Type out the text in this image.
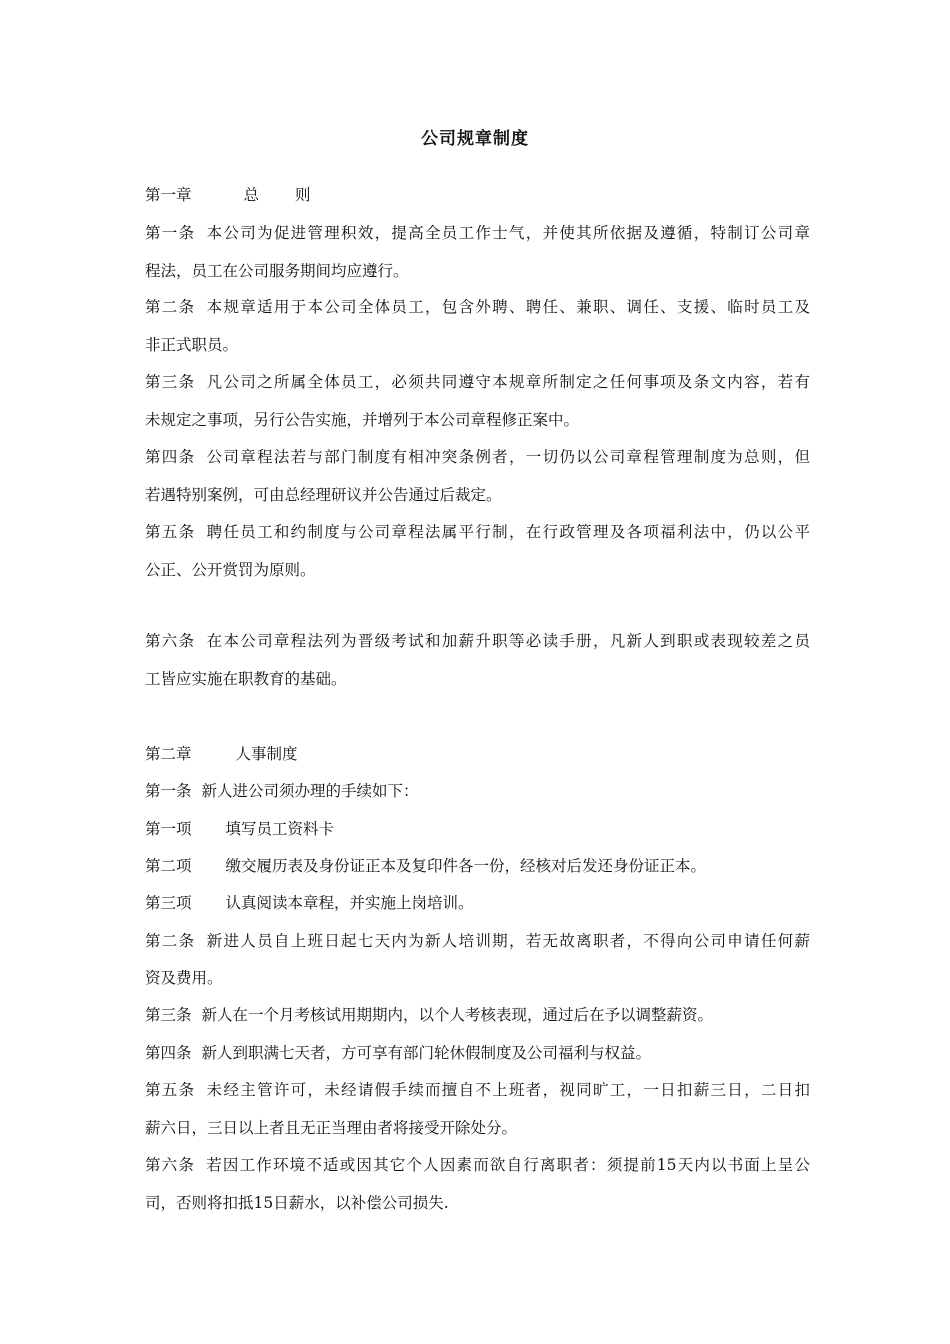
公司规章制度
第一章	总 则
第一条 本公司为促进管理积效，提高全员工作士气，并使其所依据及遵循，特制订公司章
程法，员工在公司服务期间均应遵行。
第二条 本规章适用于本公司全体员工，包含外聘、聘任、兼职、调任、支援、临时员工及
非正式职员。
第三条 凡公司之所属全体员工，必须共同遵守本规章所制定之任何事项及条文内容，若有
未规定之事项，另行公告实施，并增列于本公司章程修正案中。
第四条 公司章程法若与部门制度有相冲突条例者，一切仍以公司章程管理制度为总则，但
若遇特别案例，可由总经理研议并公告通过后裁定。
第五条 聘任员工和约制度与公司章程法属平行制，在行政管理及各项福利法中，仍以公平
公正、公开赏罚为原则。
第六条 在本公司章程法列为晋级考试和加薪升职等必读手册，凡新人到职或表现较差之员
工皆应实施在职教育的基础。
第二章	人事制度
第一条 新人进公司须办理的手续如下：
第一项 填写员工资料卡
第二项 缴交履历表及身份证正本及复印件各一份，经核对后发还身份证正本。
第三项 认真阅读本章程，并实施上岗培训。
第二条 新进人员自上班日起七天内为新人培训期，若无故离职者，不得向公司申请任何薪
资及费用。
第三条 新人在一个月考核试用期期内，以个人考核表现，通过后在予以调整薪资。
第四条 新人到职满七天者，方可享有部门轮休假制度及公司福利与权益。
第五条 未经主管许可，未经请假手续而擅自不上班者，视同旷工，一日扣薪三日，二日扣
薪六日，三日以上者且无正当理由者将接受开除处分。
第六条 若因工作环境不适或因其它个人因素而欲自行离职者：须提前15天内以书面上呈公
司，否则将扣抵15日薪水，以补偿公司损失.
